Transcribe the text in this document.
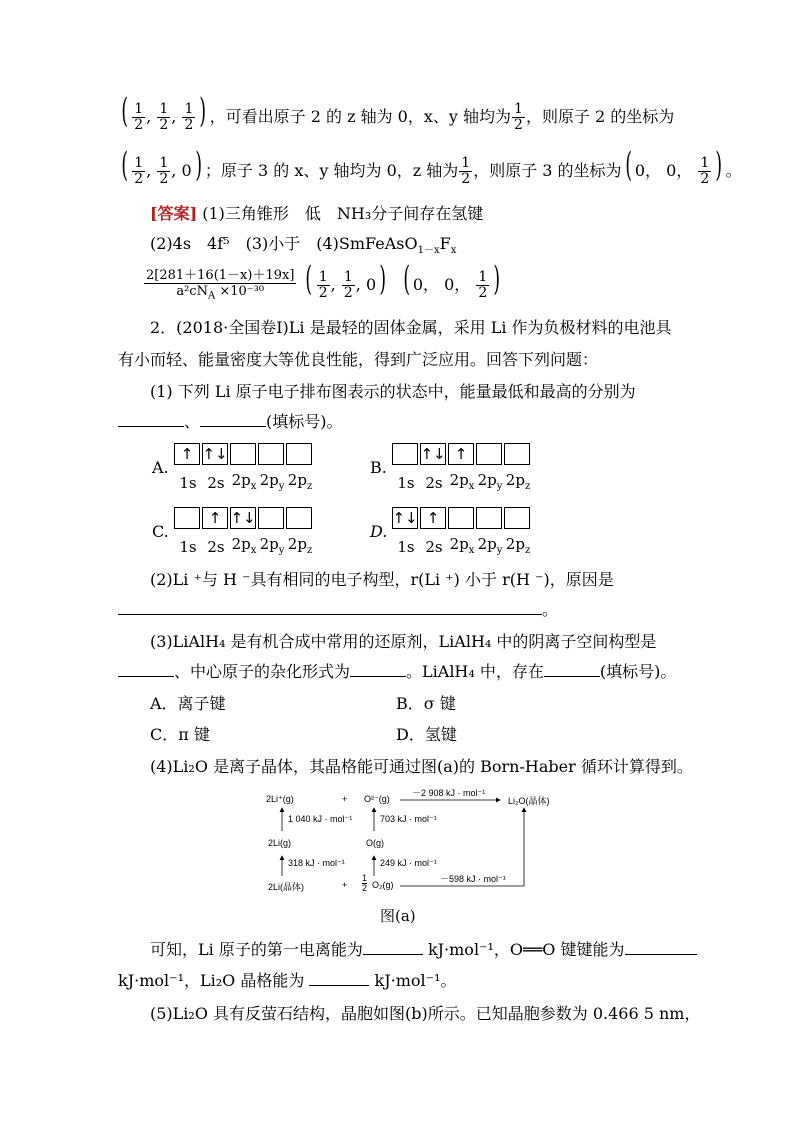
( $\frac{1}{2}$ , $\frac{1}{2}$ , $\frac{1}{2}$ ) ，可看出原子 2 的 z 轴为 0，x、y 轴均为 $\frac{1}{2}$ ，则原子 2 的坐标为
( $\frac{1}{2}$ , $\frac{1}{2}$ , 0) ；原子 3 的 x、y 轴均为 0，z 轴为 $\frac{1}{2}$ ，则原子 3 的坐标为( 0， 0， $\frac{1}{2}$ ) 。
[答案] (1)三角锥形　低　NH₃分子间存在氢键
(2)4s　4f⁵　(3)小于　$(4)SmFeAsO_{1-x}F_x$
$\frac{2[281+16(1-x)+19x]}{a^2cN_A \times 10^{-30}}$ ( $\frac{1}{2}$ , $\frac{1}{2}$ , 0) ( 0， 0， $\frac{1}{2}$ )
2．(2018·全国卷Ⅰ)Li 是最轻的固体金属，采用 Li 作为负极材料的电池具
有小而轻、能量密度大等优良性能，得到广泛应用。回答下列问题：
(1) 下列 Li 原子电子排布图表示的状态中，能量最低和最高的分别为
、	(填标号)。
A.
↑ ↑↓
1s 2s $2p_x$ $2p_y$ $2p_z$
B.
↑↓ ↑
1s 2s $2p_x$ $2p_y$ $2p_z$
C.
↑ ↑↓
1s 2s $2p_x$ $2p_y$ $2p_z$
D.
↑↓ ↑
1s 2s $2p_x$ $2p_y$ $2p_z$
(2)Li ⁺与 H ⁻具有相同的电子构型，r(Li ⁺) 小于 r(H ⁻)，原因是
。
(3)LiAlH₄ 是有机合成中常用的还原剂，LiAlH₄ 中的阴离子空间构型是
、中心原子的杂化形式为	。LiAlH₄ 中，存在	(填标号)。
A．离子键	B．σ 键
C．π 键	D．氢键
(4)Li₂O 是离子晶体，其晶格能可通过图(a)的 Born-Haber 循环计算得到。
2Li⁺(g)	+ O²⁻(g)
－2 908 kJ · mol⁻¹
Li₂O(晶体)
1 040 kJ · mol⁻¹	703 kJ · mol⁻¹
2Li(g)	O(g)
318 kJ · mol⁻¹	249 kJ · mol⁻¹
2Li(晶体)	+
1
2 O₂(g)
－598 kJ · mol⁻¹
图(a)
可知，Li 原子的第一电离能为	kJ·mol⁻¹，O══O 键键能为
kJ·mol⁻¹，Li₂O 晶格能为	kJ·mol⁻¹。
(5)Li₂O 具有反萤石结构，晶胞如图(b)所示。已知晶胞参数为 0.466 5 nm，
